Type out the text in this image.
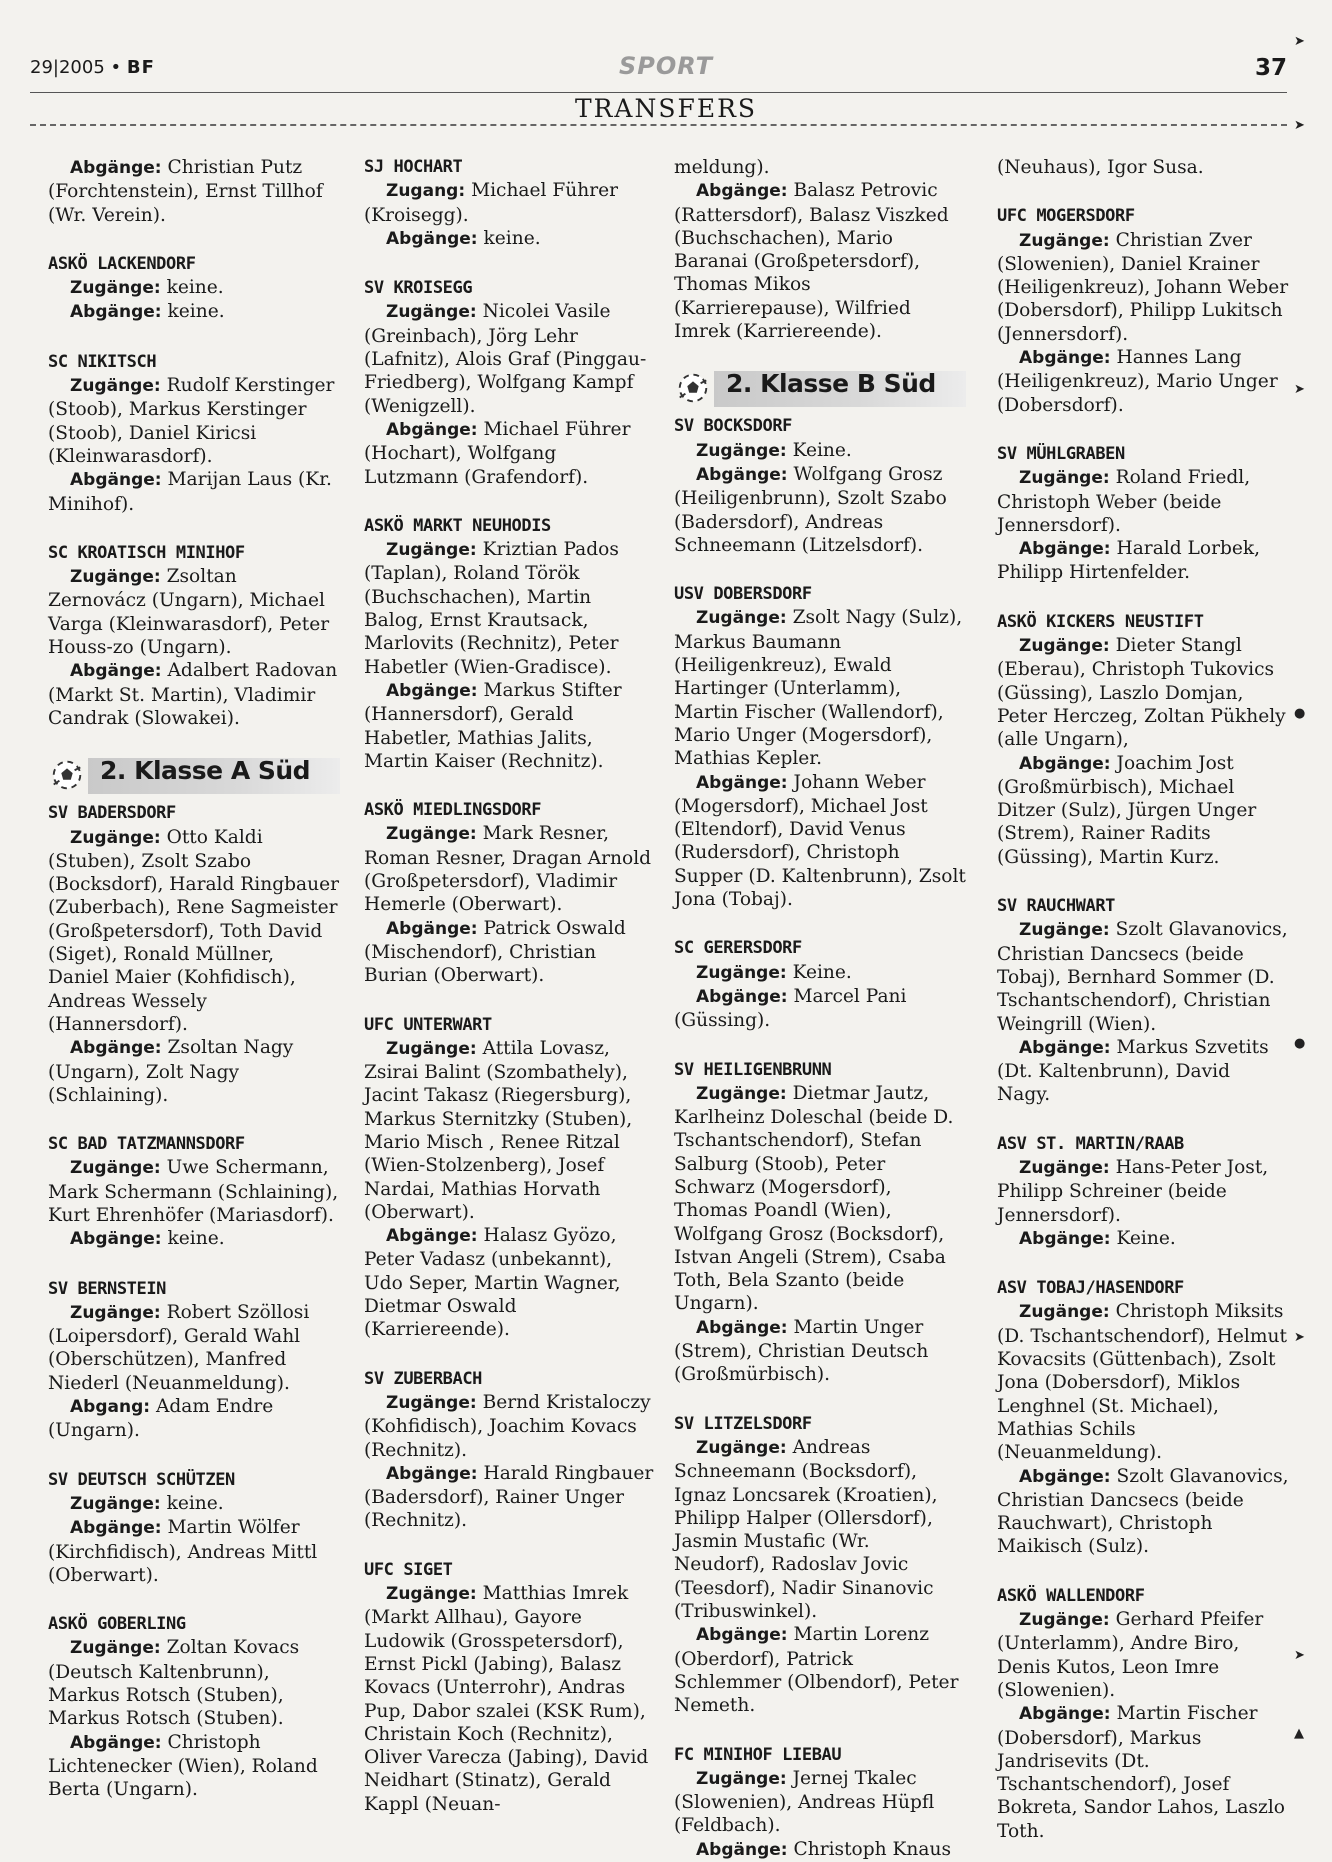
29|2005 • BF	SPORT	37
TRANSFERS
➤
➤
➤
●
●
➤
➤
▲

Abgänge: Christian Putz (Forchtenstein), Ernst Tillhof (Wr. Verein).

ASKÖ LACKENDORF

Zugänge: keine.

Abgänge: keine.

SC NIKITSCH

Zugänge: Rudolf Kerstinger (Stoob), Markus Kerstinger (Stoob), Daniel Kiricsi (Kleinwarasdorf).

Abgänge: Marijan Laus (Kr. Minihof).

SC KROATISCH MINIHOF

Zugänge: Zsoltan Zernovácz (Ungarn), Michael Varga (Kleinwarasdorf), Peter Houss-zo (Ungarn).

Abgänge: Adalbert Radovan (Markt St. Martin), Vladimir Candrak (Slowakei).

2. Klasse A Süd
SV BADERSDORF

Zugänge: Otto Kaldi (Stuben), Zsolt Szabo (Bocksdorf), Harald Ringbauer (Zuberbach), Rene Sagmeister (Großpetersdorf), Toth David (Siget), Ronald Müllner, Daniel Maier (Kohfidisch), Andreas Wessely (Hannersdorf).

Abgänge: Zsoltan Nagy (Ungarn), Zolt Nagy (Schlaining).

SC BAD TATZMANNSDORF

Zugänge: Uwe Schermann, Mark Schermann (Schlaining), Kurt Ehrenhöfer (Mariasdorf).

Abgänge: keine.

SV BERNSTEIN

Zugänge: Robert Szöllosi (Loipersdorf), Gerald Wahl (Oberschützen), Manfred Niederl (Neuanmeldung).

Abgang: Adam Endre (Ungarn).

SV DEUTSCH SCHÜTZEN

Zugänge: keine.

Abgänge: Martin Wölfer (Kirchfidisch), Andreas Mittl (Oberwart).

ASKÖ GOBERLING

Zugänge: Zoltan Kovacs (Deutsch Kaltenbrunn), Markus Rotsch (Stuben), Markus Rotsch (Stuben).

Abgänge: Christoph Lichtenecker (Wien), Roland Berta (Ungarn).

SJ HOCHART

Zugang: Michael Führer (Kroisegg).

Abgänge: keine.

SV KROISEGG

Zugänge: Nicolei Vasile (Greinbach), Jörg Lehr (Lafnitz), Alois Graf (Pinggau-Friedberg), Wolfgang Kampf (Wenigzell).

Abgänge: Michael Führer (Hochart), Wolfgang Lutzmann (Grafendorf).

ASKÖ MARKT NEUHODIS

Zugänge: Kriztian Pados (Taplan), Roland Török (Buchschachen), Martin Balog, Ernst Krautsack, Marlovits (Rechnitz), Peter Habetler (Wien-Gradisce).

Abgänge: Markus Stifter (Hannersdorf), Gerald Habetler, Mathias Jalits, Martin Kaiser (Rechnitz).

ASKÖ MIEDLINGSDORF

Zugänge: Mark Resner, Roman Resner, Dragan Arnold (Großpetersdorf), Vladimir Hemerle (Oberwart).

Abgänge: Patrick Oswald (Mischendorf), Christian Burian (Oberwart).

UFC UNTERWART

Zugänge: Attila Lovasz, Zsirai Balint (Szombathely), Jacint Takasz (Riegersburg), Markus Sternitzky (Stuben), Mario Misch , Renee Ritzal (Wien-Stolzenberg), Josef Nardai, Mathias Horvath (Oberwart).

Abgänge: Halasz Gyözo, Peter Vadasz (unbekannt), Udo Seper, Martin Wagner, Dietmar Oswald (Karriereende).

SV ZUBERBACH

Zugänge: Bernd Kristaloczy (Kohfidisch), Joachim Kovacs (Rechnitz).

Abgänge: Harald Ringbauer (Badersdorf), Rainer Unger (Rechnitz).

UFC SIGET

Zugänge: Matthias Imrek (Markt Allhau), Gayore Ludowik (Grosspetersdorf), Ernst Pickl (Jabing), Balasz Kovacs (Unterrohr), Andras Pup, Dabor szalei (KSK Rum), Christain Koch (Rechnitz), Oliver Varecza (Jabing), David Neidhart (Stinatz), Gerald Kappl (Neuan-

meldung).

Abgänge: Balasz Petrovic (Rattersdorf), Balasz Viszked (Buchschachen), Mario Baranai (Großpetersdorf), Thomas Mikos (Karrierepause), Wilfried Imrek (Karriereende).

2. Klasse B Süd
SV BOCKSDORF

Zugänge: Keine.

Abgänge: Wolfgang Grosz (Heiligenbrunn), Szolt Szabo (Badersdorf), Andreas Schneemann (Litzelsdorf).

USV DOBERSDORF

Zugänge: Zsolt Nagy (Sulz), Markus Baumann (Heiligenkreuz), Ewald Hartinger (Unterlamm), Martin Fischer (Wallendorf), Mario Unger (Mogersdorf), Mathias Kepler.

Abgänge: Johann Weber (Mogersdorf), Michael Jost (Eltendorf), David Venus (Rudersdorf), Christoph Supper (D. Kaltenbrunn), Zsolt Jona (Tobaj).

SC GERERSDORF

Zugänge: Keine.

Abgänge: Marcel Pani (Güssing).

SV HEILIGENBRUNN

Zugänge: Dietmar Jautz, Karlheinz Doleschal (beide D. Tschantschendorf), Stefan Salburg (Stoob), Peter Schwarz (Mogersdorf), Thomas Poandl (Wien), Wolfgang Grosz (Bocksdorf), Istvan Angeli (Strem), Csaba Toth, Bela Szanto (beide Ungarn).

Abgänge: Martin Unger (Strem), Christian Deutsch (Großmürbisch).

SV LITZELSDORF

Zugänge: Andreas Schneemann (Bocksdorf), Ignaz Loncsarek (Kroatien), Philipp Halper (Ollersdorf), Jasmin Mustafic (Wr. Neudorf), Radoslav Jovic (Teesdorf), Nadir Sinanovic (Tribuswinkel).

Abgänge: Martin Lorenz (Oberdorf), Patrick Schlemmer (Olbendorf), Peter Nemeth.

FC MINIHOF LIEBAU

Zugänge: Jernej Tkalec (Slowenien), Andreas Hüpfl (Feldbach).

Abgänge: Christoph Knaus

(Neuhaus), Igor Susa.

UFC MOGERSDORF

Zugänge: Christian Zver (Slowenien), Daniel Krainer (Heiligenkreuz), Johann Weber (Dobersdorf), Philipp Lukitsch (Jennersdorf).

Abgänge: Hannes Lang (Heiligenkreuz), Mario Unger (Dobersdorf).

SV MÜHLGRABEN

Zugänge: Roland Friedl, Christoph Weber (beide Jennersdorf).

Abgänge: Harald Lorbek, Philipp Hirtenfelder.

ASKÖ KICKERS NEUSTIFT

Zugänge: Dieter Stangl (Eberau), Christoph Tukovics (Güssing), Laszlo Domjan, Peter Herczeg, Zoltan Pükhely (alle Ungarn),

Abgänge: Joachim Jost (Großmürbisch), Michael Ditzer (Sulz), Jürgen Unger (Strem), Rainer Radits (Güssing), Martin Kurz.

SV RAUCHWART

Zugänge: Szolt Glavanovics, Christian Dancsecs (beide Tobaj), Bernhard Sommer (D. Tschantschendorf), Christian Weingrill (Wien).

Abgänge: Markus Szvetits (Dt. Kaltenbrunn), David Nagy.

ASV ST. MARTIN/RAAB

Zugänge: Hans-Peter Jost, Philipp Schreiner (beide Jennersdorf).

Abgänge: Keine.

ASV TOBAJ/HASENDORF

Zugänge: Christoph Miksits (D. Tschantschendorf), Helmut Kovacsits (Güttenbach), Zsolt Jona (Dobersdorf), Miklos Lenghnel (St. Michael), Mathias Schils (Neuanmeldung).

Abgänge: Szolt Glavanovics, Christian Dancsecs (beide Rauchwart), Christoph Maikisch (Sulz).

ASKÖ WALLENDORF

Zugänge: Gerhard Pfeifer (Unterlamm), Andre Biro, Denis Kutos, Leon Imre (Slowenien).

Abgänge: Martin Fischer (Dobersdorf), Markus Jandrisevits (Dt. Tschantschendorf), Josef Bokreta, Sandor Lahos, Laszlo Toth.
